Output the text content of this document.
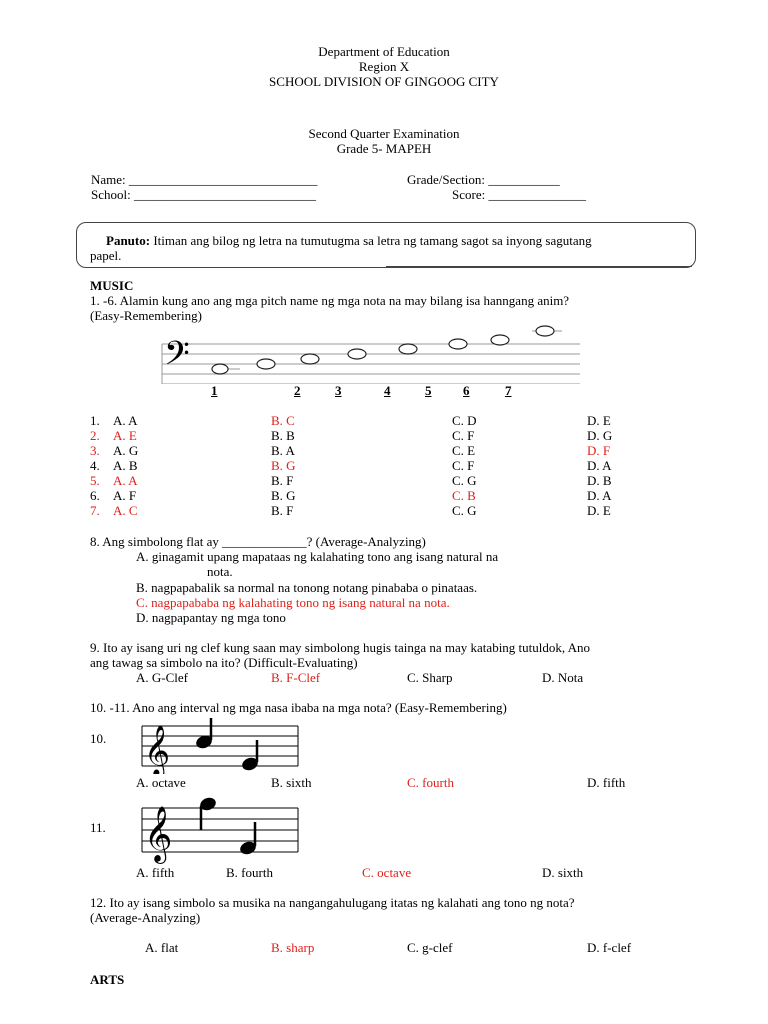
Department of Education
Region X
SCHOOL DIVISION OF GINGOOG CITY
Second Quarter Examination
Grade 5- MAPEH
Name: _____________________________	Grade/Section: ___________
School: ____________________________	Score: _______________
Panuto: Itiman ang bilog ng letra na tumutugma sa letra ng tamang sagot sa inyong sagutang
papel.
MUSIC
1. -6. Alamin kung ano ang mga pitch name ng mga nota na may bilang isa hanngang anim?
(Easy-Remembering)
𝄢
1	2	3	4	5 6	7
1. A. A	B. C	C. D	D. E
2. A. E	B. B	C. F	D. G
3. A. G	B. A	C. E	D. F
4. A. B	B. G	C. F	D. A
5. A. A	B. F	C. G	D. B
6. A. F	B. G	C. B	D. A
7. A. C	B. F	C. G	D. E
8. Ang simbolong flat ay _____________? (Average-Analyzing)
A. ginagamit upang mapataas ng kalahating tono ang isang natural na
nota.
B. nagpapabalik sa normal na tonong notang pinababa o pinataas.
C. nagpapababa ng kalahating tono ng isang natural na nota.
D. nagpapantay ng mga tono
9. Ito ay isang uri ng clef kung saan may simbolong hugis tainga na may katabing tutuldok, Ano
ang tawag sa simbolo na ito? (Difficult-Evaluating)
A. G-Clef	B. F-Clef	C. Sharp	D. Nota
10. -11. Ano ang interval ng mga nasa ibaba na mga nota? (Easy-Remembering)
10. 𝄞
A. octave	B. sixth	C. fourth	D. fifth
11. 𝄞
A. fifth	B. fourth	C. octave	D. sixth
12. Ito ay isang simbolo sa musika na nangangahulugang itatas ng kalahati ang tono ng nota?
(Average-Analyzing)
A. flat	B. sharp	C. g-clef	D. f-clef
ARTS
